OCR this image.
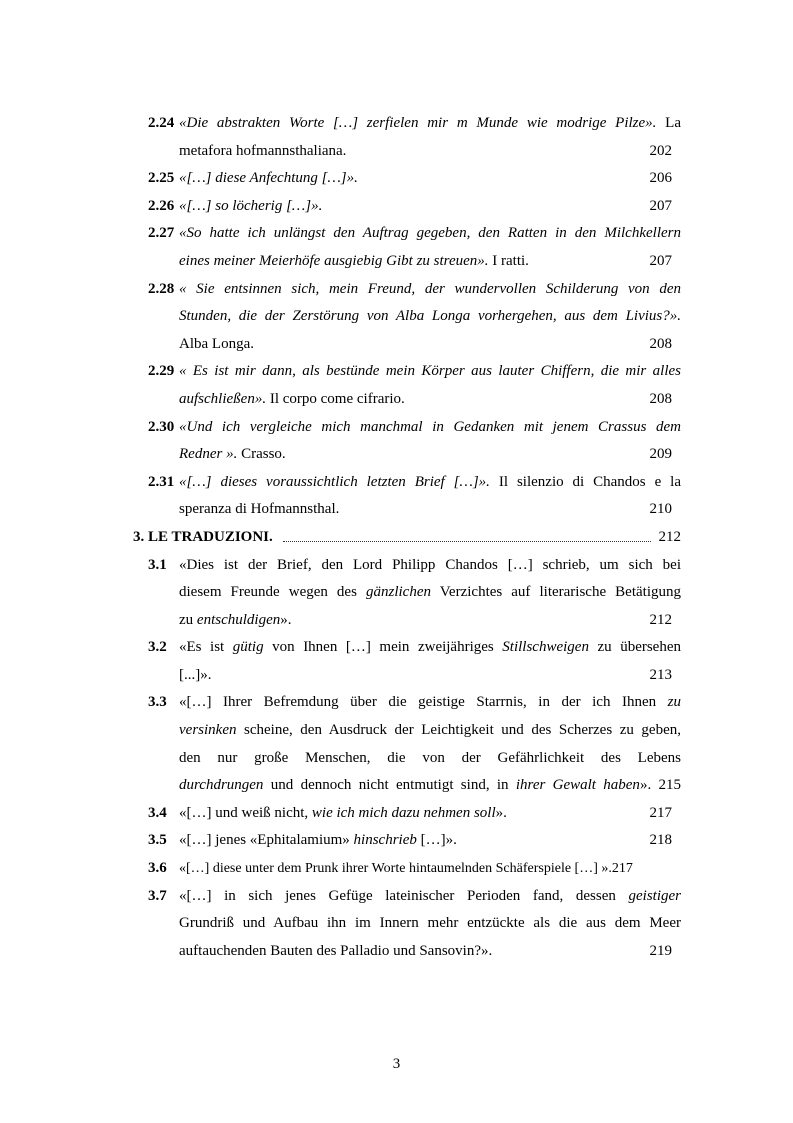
2.24 «Die abstrakten Worte […] zerfielen mir m Munde wie modrige Pilze». La
metafora hofmannsthaliana.	202
2.25 «[…] diese Anfechtung […]».	206
2.26 «[…] so löcherig […]».	207
2.27 «So hatte ich unlängst den Auftrag gegeben, den Ratten in den Milchkellern
eines meiner Meierhöfe ausgiebig Gibt zu streuen». I ratti.	207
2.28 « Sie entsinnen sich, mein Freund, der wundervollen Schilderung von den
Stunden, die der Zerstörung von Alba Longa vorhergehen, aus dem Livius?».
Alba Longa.	208
2.29 « Es ist mir dann, als bestünde mein Körper aus lauter Chiffern, die mir alles
aufschließen». Il corpo come cifrario.	208
2.30 «Und ich vergleiche mich manchmal in Gedanken mit jenem Crassus dem
Redner ». Crasso.	209
2.31 «[…] dieses voraussichtlich letzten Brief […]». Il silenzio di Chandos e la
speranza di Hofmannsthal.	210
3. LE TRADUZIONI.	212
3.1 «Dies ist der Brief, den Lord Philipp Chandos […] schrieb, um sich bei
diesem Freunde wegen des gänzlichen Verzichtes auf literarische Betätigung
zu entschuldigen».	212
3.2 «Es ist gütig von Ihnen […] mein zweijähriges Stillschweigen zu übersehen
[...]».	213
3.3 «[…] Ihrer Befremdung über die geistige Starrnis, in der ich Ihnen zu
versinken scheine, den Ausdruck der Leichtigkeit und des Scherzes zu geben,
den nur große Menschen, die von der Gefährlichkeit des Lebens
durchdrungen und dennoch nicht entmutigt sind, in ihrer Gewalt haben». 215
3.4 «[…] und weiß nicht, wie ich mich dazu nehmen soll».	217
3.5 «[…] jenes «Ephitalamium» hinschrieb […]».	218
3.6 «[…] diese unter dem Prunk ihrer Worte hintaumelnden Schäferspiele […] ».217
3.7 «[…] in sich jenes Gefüge lateinischer Perioden fand, dessen geistiger
Grundriß und Aufbau ihn im Innern mehr entzückte als die aus dem Meer
auftauchenden Bauten des Palladio und Sansovin?».	219
3
